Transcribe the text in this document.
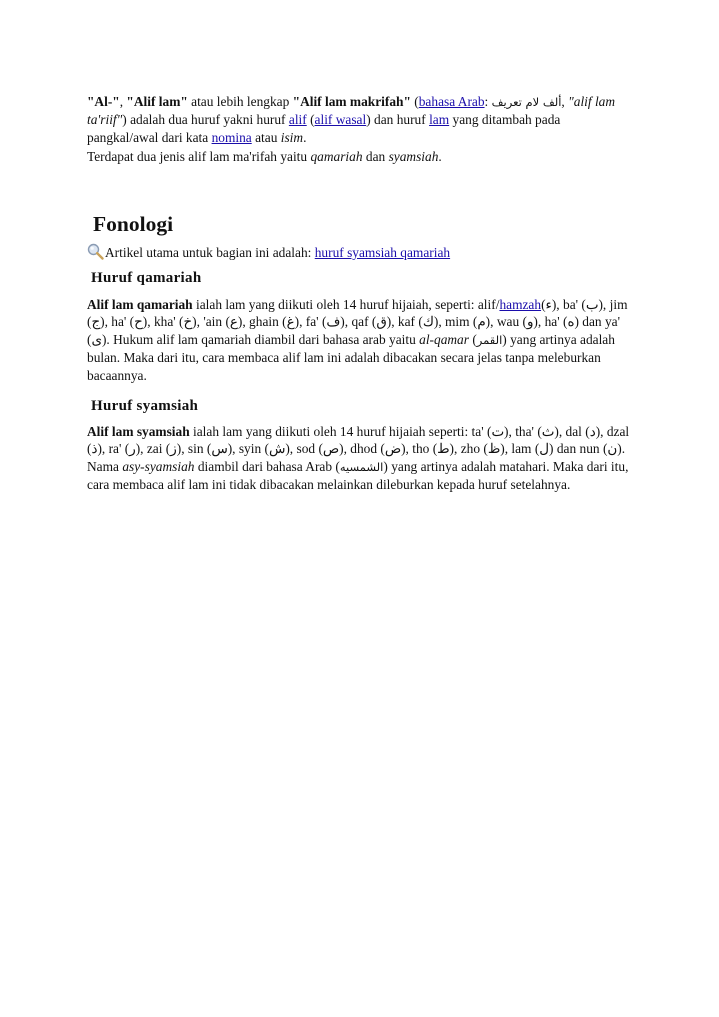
"Al-", "Alif lam" atau lebih lengkap "Alif lam makrifah" (bahasa Arab: ألف لام تعريف, "alif lam ta'riif") adalah dua huruf yakni huruf alif (alif wasal) dan huruf lam yang ditambah pada pangkal/awal dari kata nomina atau isim.

Terdapat dua jenis alif lam ma'rifah yaitu qamariah dan syamsiah.

Fonologi
Artikel utama untuk bagian ini adalah: huruf syamsiah qamariah
Huruf qamariah

Alif lam qamariah ialah lam yang diikuti oleh 14 huruf hijaiah, seperti: alif/hamzah(ء), ba' (ب), jim (ج), ha' (ح), kha' (خ), 'ain (ع), ghain (غ), fa' (ف), qaf (ق), kaf (ك), mim (م), wau (و), ha' (ه) dan ya' (ى). Hukum alif lam qamariah diambil dari bahasa arab yaitu al-qamar (القمر) yang artinya adalah bulan. Maka dari itu, cara membaca alif lam ini adalah dibacakan secara jelas tanpa meleburkan bacaannya.

Huruf syamsiah

Alif lam syamsiah ialah lam yang diikuti oleh 14 huruf hijaiah seperti: ta' (ت), tha' (ث), dal (د), dzal (ذ), ra' (ر), zai (ز), sin (س), syin (ش), sod (ص), dhod (ض), tho (ط), zho (ظ), lam (ل) dan nun (ن). Nama asy-syamsiah diambil dari bahasa Arab (الشمسيه) yang artinya adalah matahari. Maka dari itu, cara membaca alif lam ini tidak dibacakan melainkan dileburkan kepada huruf setelahnya.
